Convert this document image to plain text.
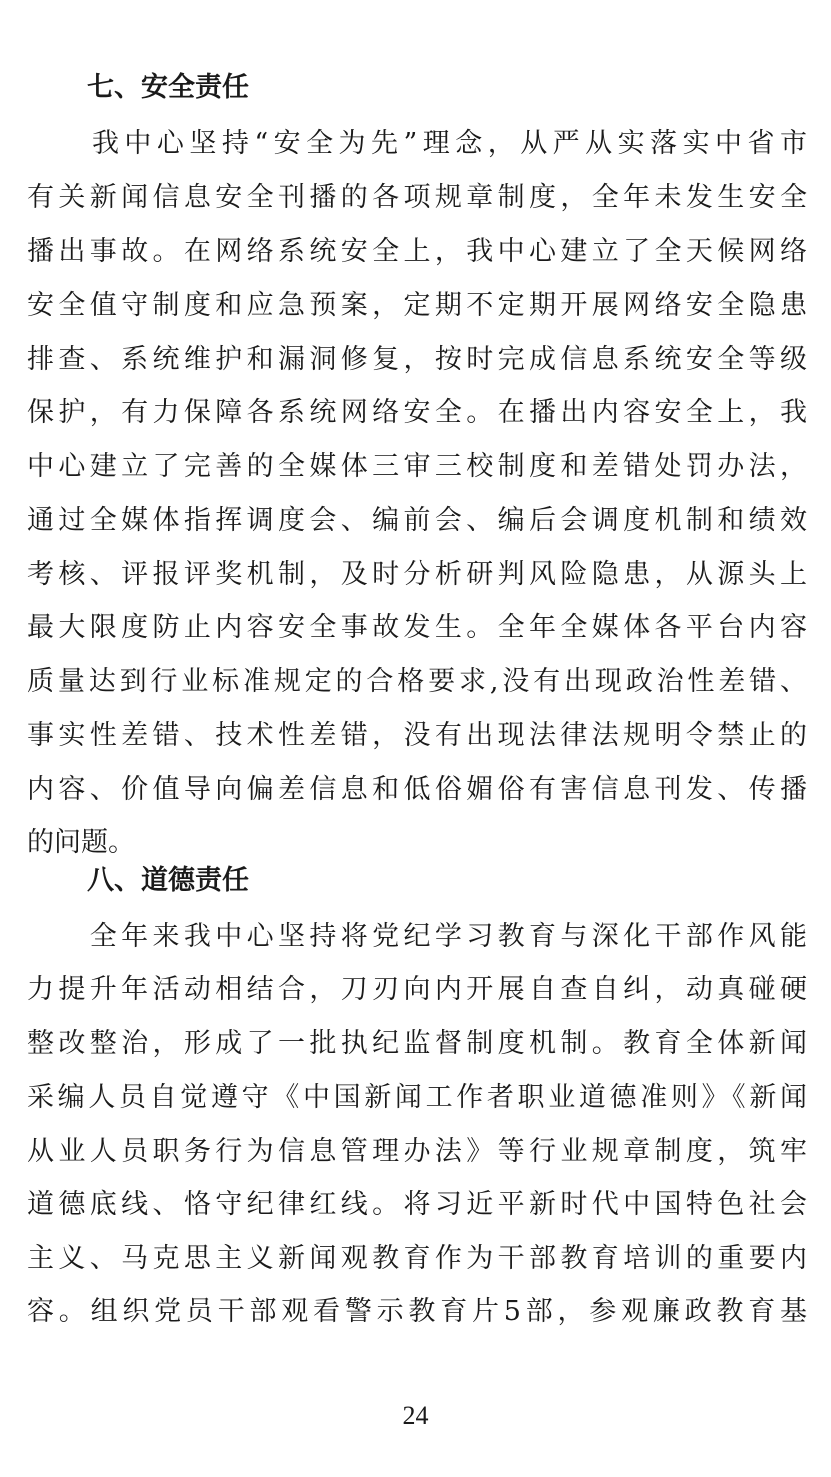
七、安全责任

　　我中心坚持“安全为先”理念，从严从实落实中省市

有关新闻信息安全刊播的各项规章制度，全年未发生安全

播出事故。在网络系统安全上，我中心建立了全天候网络

安全值守制度和应急预案，定期不定期开展网络安全隐患

排查、系统维护和漏洞修复，按时完成信息系统安全等级

保护，有力保障各系统网络安全。在播出内容安全上，我

中心建立了完善的全媒体三审三校制度和差错处罚办法，

通过全媒体指挥调度会、编前会、编后会调度机制和绩效

考核、评报评奖机制，及时分析研判风险隐患，从源头上

最大限度防止内容安全事故发生。全年全媒体各平台内容

质量达到行业标准规定的合格要求,没有出现政治性差错、

事实性差错、技术性差错，没有出现法律法规明令禁止的

内容、价值导向偏差信息和低俗媚俗有害信息刊发、传播

的问题。

八、道德责任

　　全年来我中心坚持将党纪学习教育与深化干部作风能

力提升年活动相结合，刀刃向内开展自查自纠，动真碰硬

整改整治，形成了一批执纪监督制度机制。教育全体新闻

采编人员自觉遵守《中国新闻工作者职业道德准则》《新闻

从业人员职务行为信息管理办法》等行业规章制度，筑牢

道德底线、恪守纪律红线。将习近平新时代中国特色社会

主义、马克思主义新闻观教育作为干部教育培训的重要内

容。组织党员干部观看警示教育片5部，参观廉政教育基

24
